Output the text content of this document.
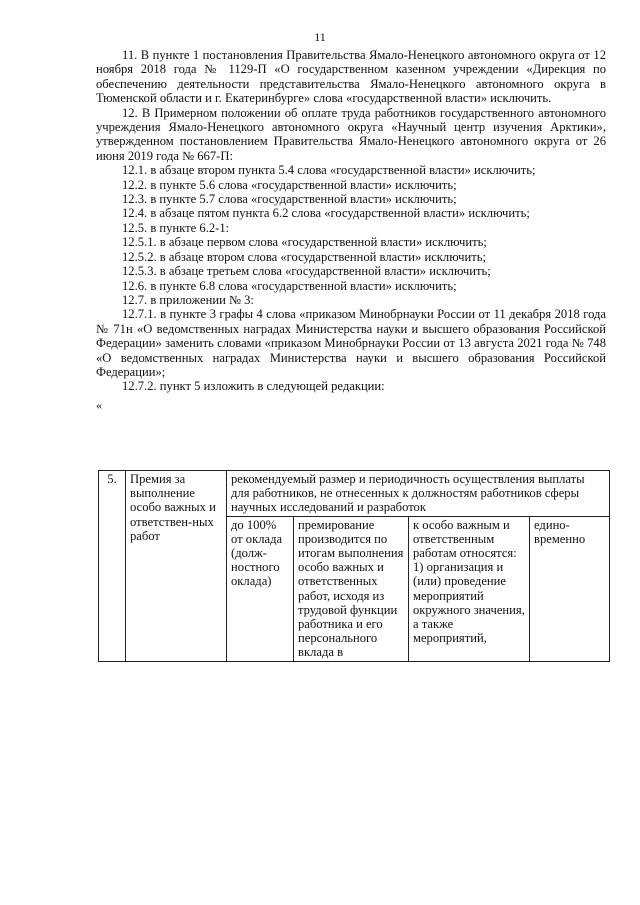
11

11. В пункте 1 постановления Правительства Ямало-Ненецкого автономного округа от 12 ноября 2018 года № 1129-П «О государственном казенном учреждении «Дирекция по обеспечению деятельности представительства Ямало-Ненецкого автономного округа в Тюменской области и г. Екатеринбурге» слова «государственной власти» исключить.

12. В Примерном положении об оплате труда работников государственного автономного учреждения Ямало-Ненецкого автономного округа «Научный центр изучения Арктики», утвержденном постановлением Правительства Ямало-Ненецкого автономного округа от 26 июня 2019 года № 667-П:

12.1. в абзаце втором пункта 5.4 слова «государственной власти» исключить;

12.2. в пункте 5.6 слова «государственной власти» исключить;

12.3. в пункте 5.7 слова «государственной власти» исключить;

12.4. в абзаце пятом пункта 6.2 слова «государственной власти» исключить;

12.5. в пункте 6.2-1:

12.5.1. в абзаце первом слова «государственной власти» исключить;

12.5.2. в абзаце втором слова «государственной власти» исключить;

12.5.3. в абзаце третьем слова «государственной власти» исключить;

12.6. в пункте 6.8 слова «государственной власти» исключить;

12.7. в приложении № 3:

12.7.1. в пункте 3 графы 4 слова «приказом Минобрнауки России от 11 декабря 2018 года № 71н «О ведомственных наградах Министерства науки и высшего образования Российской Федерации» заменить словами «приказом Минобрнауки России от 13 августа 2021 года № 748 «О ведомственных наградах Министерства науки и высшего образования Российской Федерации»;

12.7.2. пункт 5 изложить в следующей редакции:

«

5.	Премия за выполнение особо важных и ответствен-ных работ	рекомендуемый размер и периодичность осуществления выплаты для работников, не отнесенных к должностям работников сферы научных исследований и разработок			
		до 100% от оклада (долж-ностного оклада)	премирование производится по итогам выполнения особо важных и ответственных работ, исходя из трудовой функции работника и его персонального вклада в	к особо важным и ответственным работам относятся: 1) организация и (или) проведение мероприятий окружного значения, а также мероприятий,	едино-временно
